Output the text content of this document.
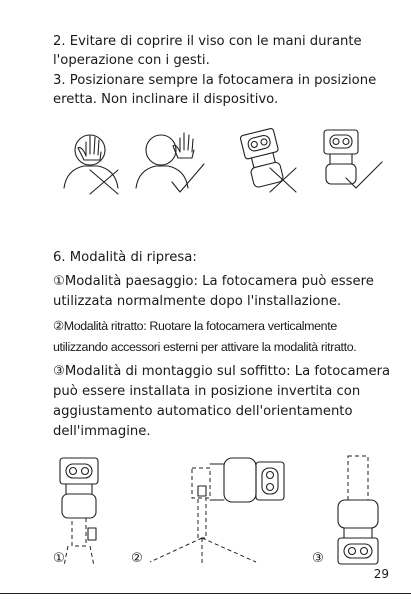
2. Evitare di coprire il viso con le mani durante
l'operazione con i gesti.
3. Posizionare sempre la fotocamera in posizione
eretta. Non inclinare il dispositivo.
6. Modalità di ripresa:
①Modalità paesaggio: La fotocamera può essere
utilizzata normalmente dopo l'installazione.
②Modalità ritratto: Ruotare la fotocamera verticalmente
utilizzando accessori esterni per attivare la modalità ritratto.
③Modalità di montaggio sul soffitto: La fotocamera
può essere installata in posizione invertita con
aggiustamento automatico dell'orientamento
dell'immagine.
①	②	③
29
